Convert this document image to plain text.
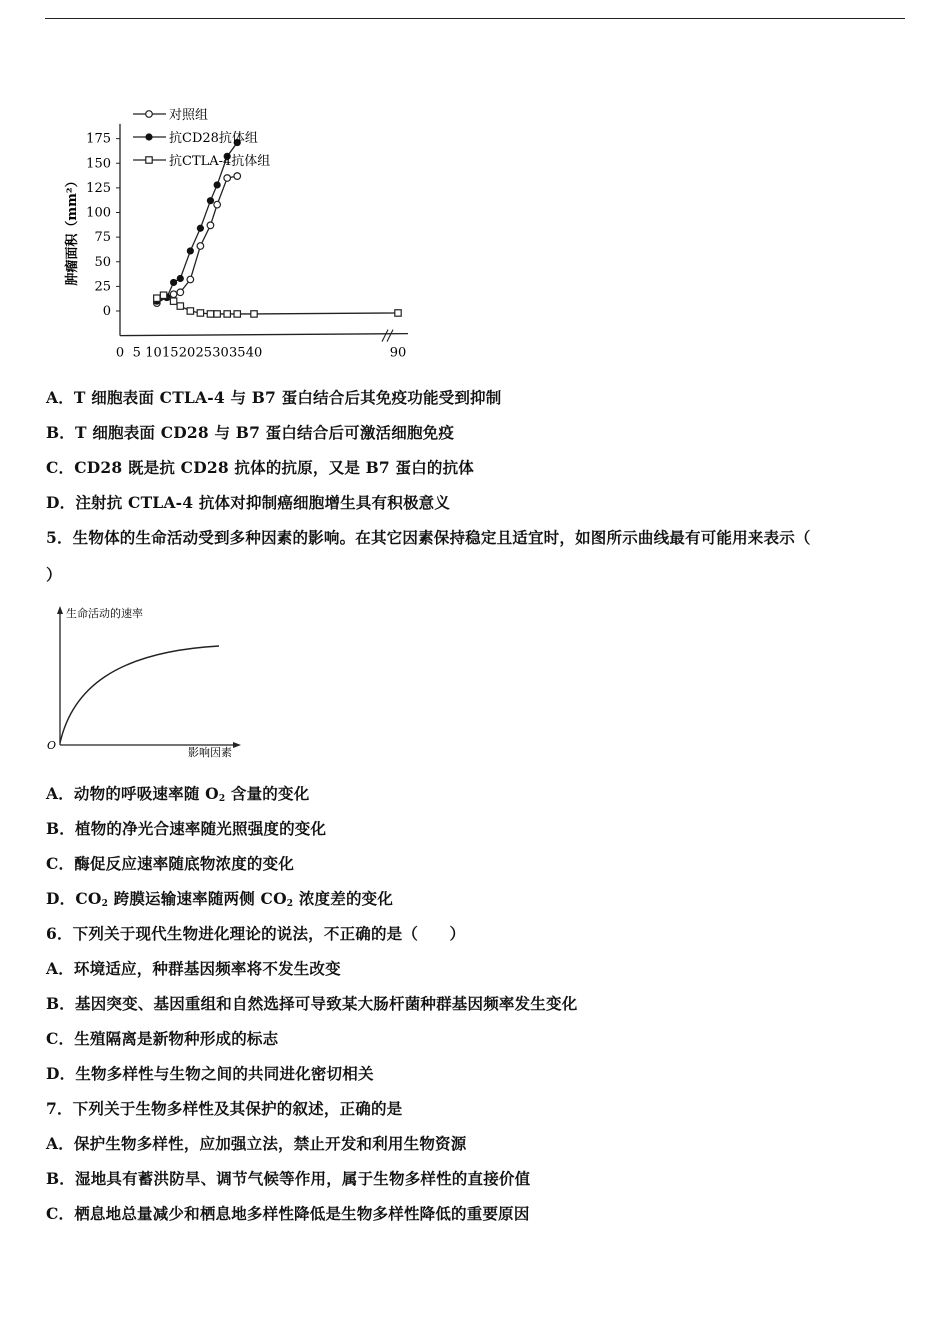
0
25
50
75
100
125
150
175
0 5 10 15 20 25 30 35 40	90
对照组
抗CD28抗体组
抗CTLA-4抗体组
肿瘤面积（mm²）
生命活动的速率
影响因素
O
A．T 细胞表面 CTLA-4 与 B7 蛋白结合后其免疫功能受到抑制
B．T 细胞表面 CD28 与 B7 蛋白结合后可激活细胞免疫
C．CD28 既是抗 CD28 抗体的抗原，又是 B7 蛋白的抗体
D．注射抗 CTLA-4 抗体对抑制癌细胞增生具有积极意义
5．生物体的生命活动受到多种因素的影响。在其它因素保持稳定且适宜时，如图所示曲线最有可能用来表示（
）
A．动物的呼吸速率随 $O_2$ 含量的变化
B．植物的净光合速率随光照强度的变化
C．酶促反应速率随底物浓度的变化
D．$CO_2$ 跨膜运输速率随两侧 $CO_2$ 浓度差的变化
6．下列关于现代生物进化理论的说法，不正确的是（　　）
A．环境适应，种群基因频率将不发生改变
B．基因突变、基因重组和自然选择可导致某大肠杆菌种群基因频率发生变化
C．生殖隔离是新物种形成的标志
D．生物多样性与生物之间的共同进化密切相关
7．下列关于生物多样性及其保护的叙述，正确的是
A．保护生物多样性，应加强立法，禁止开发和利用生物资源
B．湿地具有蓄洪防旱、调节气候等作用，属于生物多样性的直接价值
C．栖息地总量减少和栖息地多样性降低是生物多样性降低的重要原因
